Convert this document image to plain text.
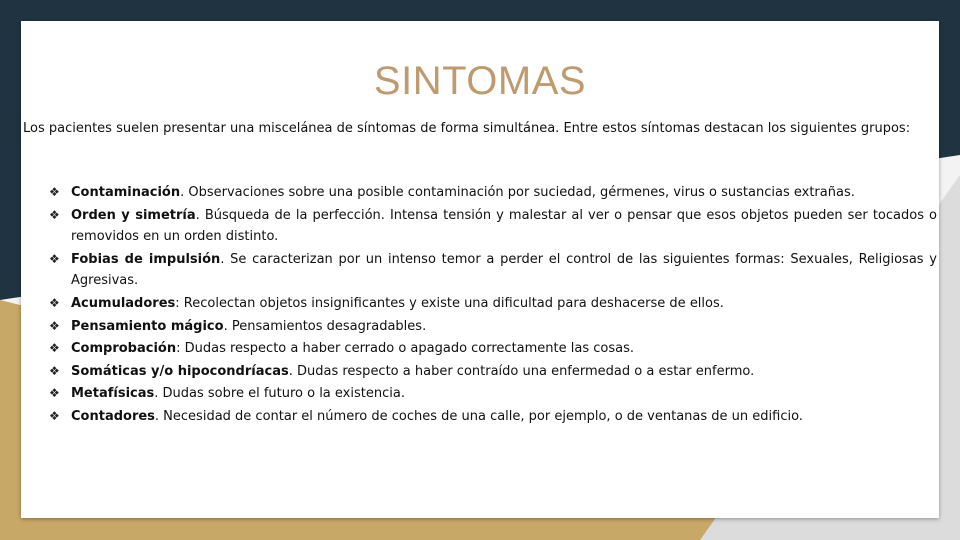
SINTOMAS

Los pacientes suelen presentar una miscelánea de síntomas de forma simultánea. Entre estos síntomas destacan los siguientes grupos:

❖ Contaminación. Observaciones sobre una posible contaminación por suciedad, gérmenes, virus o sustancias extrañas.
❖ Orden y simetría. Búsqueda de la perfección. Intensa tensión y malestar al ver o pensar que esos objetos pueden ser tocados o removidos en un orden distinto.
❖ Fobias de impulsión. Se caracterizan por un intenso temor a perder el control de las siguientes formas: Sexuales, Religiosas y Agresivas.
❖ Acumuladores: Recolectan objetos insignificantes y existe una dificultad para deshacerse de ellos.
❖ Pensamiento mágico. Pensamientos desagradables.
❖ Comprobación: Dudas respecto a haber cerrado o apagado correctamente las cosas.
❖ Somáticas y/o hipocondríacas. Dudas respecto a haber contraído una enfermedad o a estar enfermo.
❖ Metafísicas. Dudas sobre el futuro o la existencia.
❖ Contadores. Necesidad de contar el número de coches de una calle, por ejemplo, o de ventanas de un edificio.
